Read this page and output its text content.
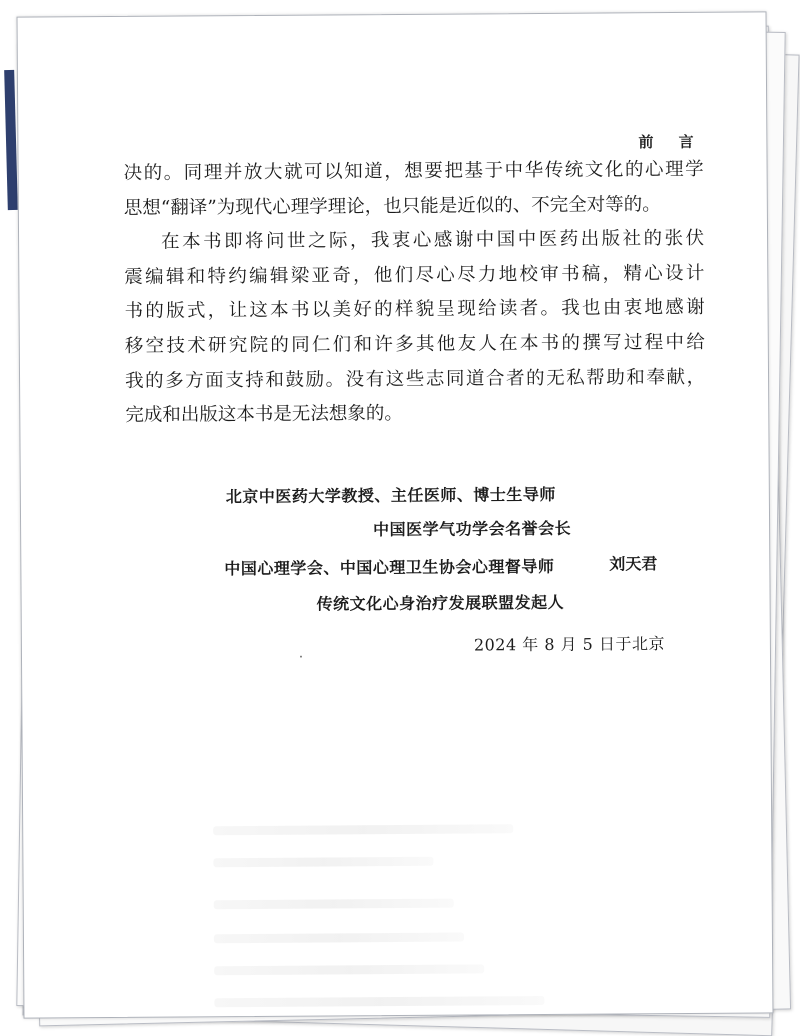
前 言
决的。同理并放大就可以知道，想要把基于中华传统文化的心理学
思想“翻译”为现代心理学理论，也只能是近似的、不完全对等的。
在本书即将问世之际，我衷心感谢中国中医药出版社的张伏
震编辑和特约编辑梁亚奇，他们尽心尽力地校审书稿，精心设计
书的版式，让这本书以美好的样貌呈现给读者。我也由衷地感谢
移空技术研究院的同仁们和许多其他友人在本书的撰写过程中给
我的多方面支持和鼓励。没有这些志同道合者的无私帮助和奉献，
完成和出版这本书是无法想象的。
北京中医药大学教授、主任医师、博士生导师
中国医学气功学会名誉会长
中国心理学会、中国心理卫生协会心理督导师	刘天君
传统文化心身治疗发展联盟发起人
2024 年 8 月 5 日于北京
